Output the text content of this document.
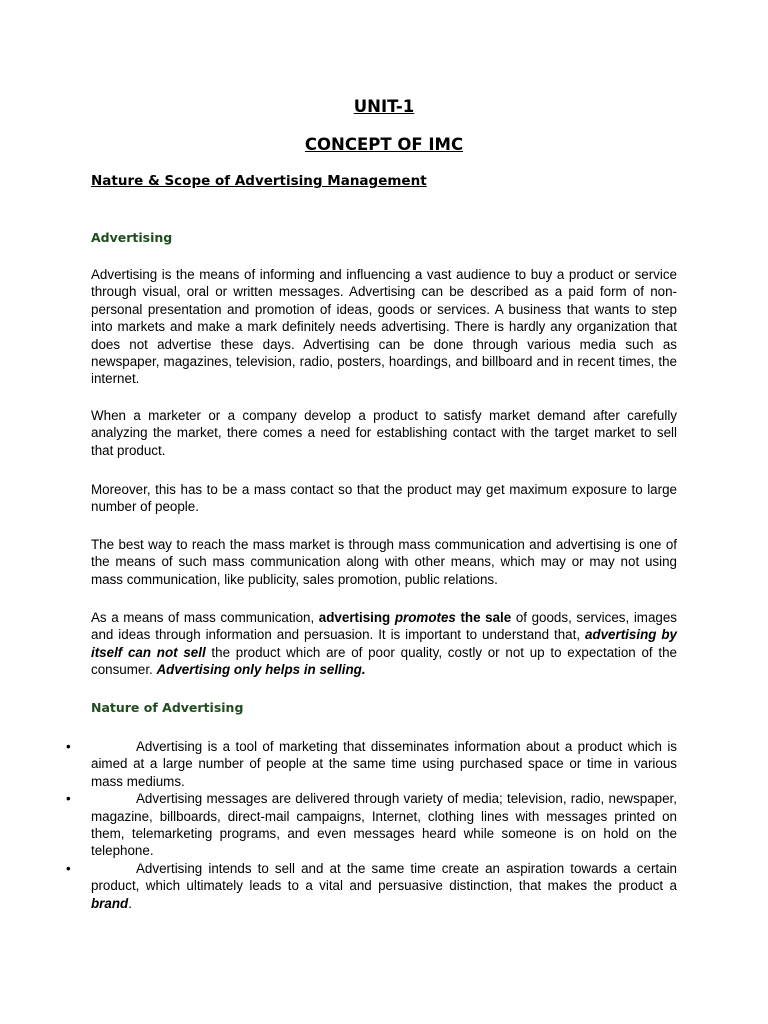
UNIT-1
CONCEPT OF IMC
Nature & Scope of Advertising Management
Advertising

Advertising is the means of informing and influencing a vast audience to buy a product or service through visual, oral or written messages. Advertising can be described as a paid form of non-personal presentation and promotion of ideas, goods or services. A business that wants to step into markets and make a mark definitely needs advertising. There is hardly any organization that does not advertise these days. Advertising can be done through various media such as newspaper, magazines, television, radio, posters, hoardings, and billboard and in recent times, the internet.

When a marketer or a company develop a product to satisfy market demand after carefully analyzing the market, there comes a need for establishing contact with the target market to sell that product.

Moreover, this has to be a mass contact so that the product may get maximum exposure to large number of people.

The best way to reach the mass market is through mass communication and advertising is one of the means of such mass communication along with other means, which may or may not using mass communication, like publicity, sales promotion, public relations.

As a means of mass communication, advertising promotes the sale of goods, services, images and ideas through information and persuasion. It is important to understand that, advertising by itself can not sell the product which are of poor quality, costly or not up to expectation of the consumer. Advertising only helps in selling.

Nature of Advertising
•	Advertising is a tool of marketing that disseminates information about a product which is aimed at a large number of people at the same time using purchased space or time in various mass mediums.
•	Advertising messages are delivered through variety of media; television, radio, newspaper, magazine, billboards, direct-mail campaigns, Internet, clothing lines with messages printed on them, telemarketing programs, and even messages heard while someone is on hold on the telephone.
•	Advertising intends to sell and at the same time create an aspiration towards a certain product, which ultimately leads to a vital and persuasive distinction, that makes the product a brand.
